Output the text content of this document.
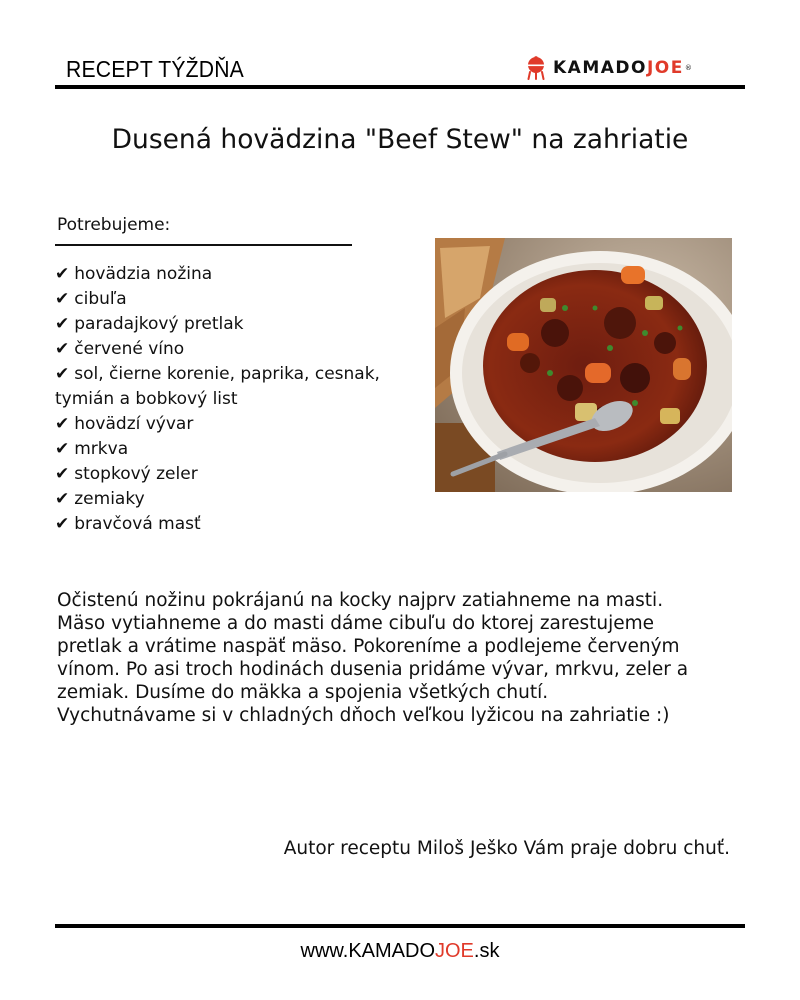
RECEPT TÝŽDŇA	KAMADOJOE ®
Dusená hovädzina "Beef Stew" na zahriatie
Potrebujeme:
✔ hovädzia nožina
✔ cibuľa
✔ paradajkový pretlak
✔ červené víno
✔ sol, čierne korenie, paprika, cesnak,
tymián a bobkový list
✔ hovädzí vývar
✔ mrkva
✔ stopkový zeler
✔ zemiaky
✔ bravčová masť

Očistenú nožinu pokrájanú na kocky najprv zatiahneme na masti.

Mäso vytiahneme a do masti dáme cibuľu do ktorej zarestujeme

pretlak a vrátime naspäť mäso. Pokoreníme a podlejeme červeným

vínom. Po asi troch hodinách dusenia pridáme vývar, mrkvu, zeler a

zemiak. Dusíme do mäkka a spojenia všetkých chutí.

Vychutnávame si v chladných dňoch veľkou lyžicou na zahriatie :)

Autor receptu Miloš Ješko Vám praje dobru chuť.
www.KAMADOJOE.sk
